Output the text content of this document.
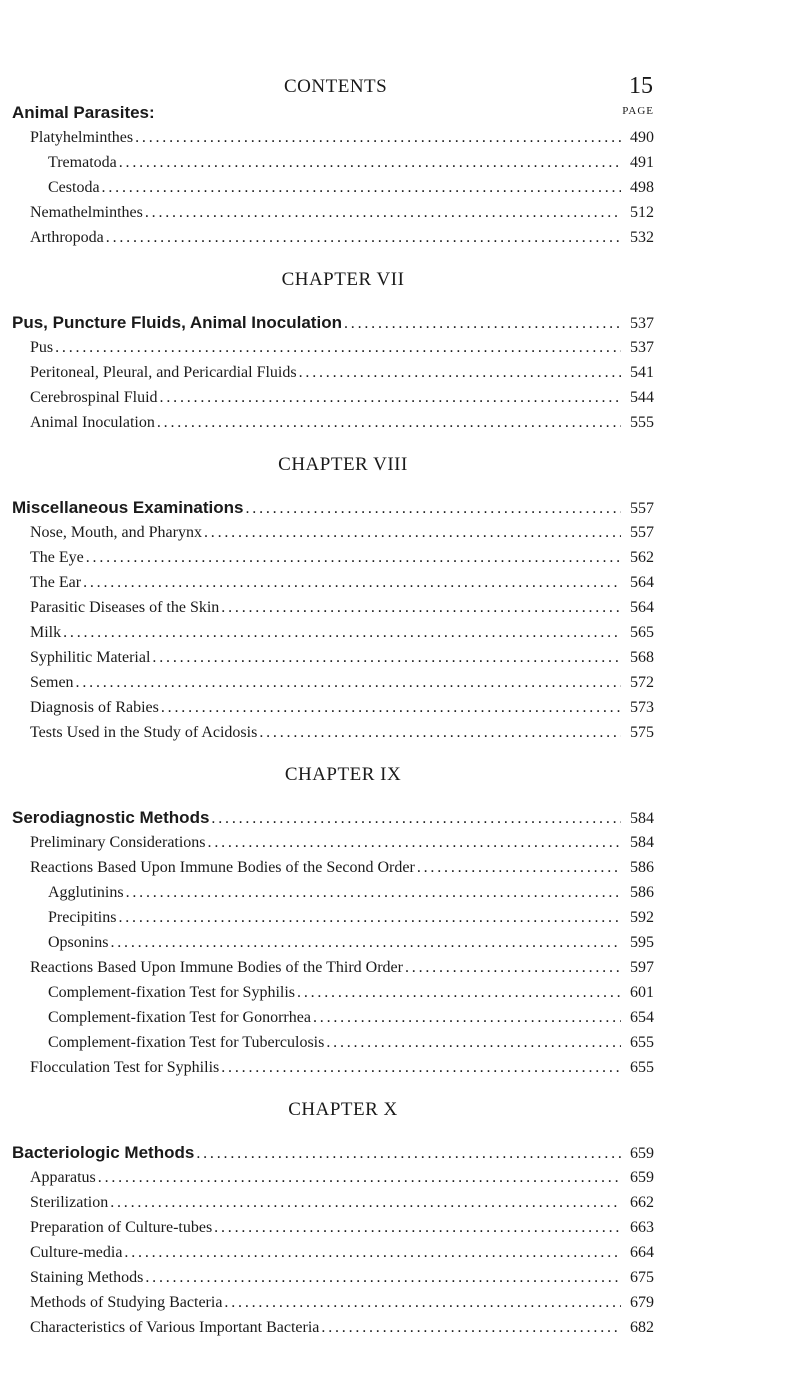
CONTENTS	15
PAGE
Animal Parasites:
Platyhelminthes . . .	490
Trematoda . . .	491
Cestoda . . .	498
Nemathelminthes . . .	512
Arthropoda . . .	532
CHAPTER VII
Pus, Puncture Fluids, Animal Inoculation . . .	537
Pus . . .	537
Peritoneal, Pleural, and Pericardial Fluids . . .	541
Cerebrospinal Fluid . . .	544
Animal Inoculation . . .	555
CHAPTER VIII
Miscellaneous Examinations . . .	557
Nose, Mouth, and Pharynx . . .	557
The Eye . . .	562
The Ear . . .	564
Parasitic Diseases of the Skin . . .	564
Milk . . .	565
Syphilitic Material . . .	568
Semen . . .	572
Diagnosis of Rabies . . .	573
Tests Used in the Study of Acidosis . . .	575
CHAPTER IX
Serodiagnostic Methods . . .	584
Preliminary Considerations . . .	584
Reactions Based Upon Immune Bodies of the Second Order . . .	586
Agglutinins . . .	586
Precipitins . . .	592
Opsonins . . .	595
Reactions Based Upon Immune Bodies of the Third Order . . .	597
Complement-fixation Test for Syphilis . . .	601
Complement-fixation Test for Gonorrhea . . .	654
Complement-fixation Test for Tuberculosis . . .	655
Flocculation Test for Syphilis . . .	655
CHAPTER X
Bacteriologic Methods . . .	659
Apparatus . . .	659
Sterilization . . .	662
Preparation of Culture-tubes . . .	663
Culture-media . . .	664
Staining Methods . . .	675
Methods of Studying Bacteria . . .	679
Characteristics of Various Important Bacteria . . .	682
